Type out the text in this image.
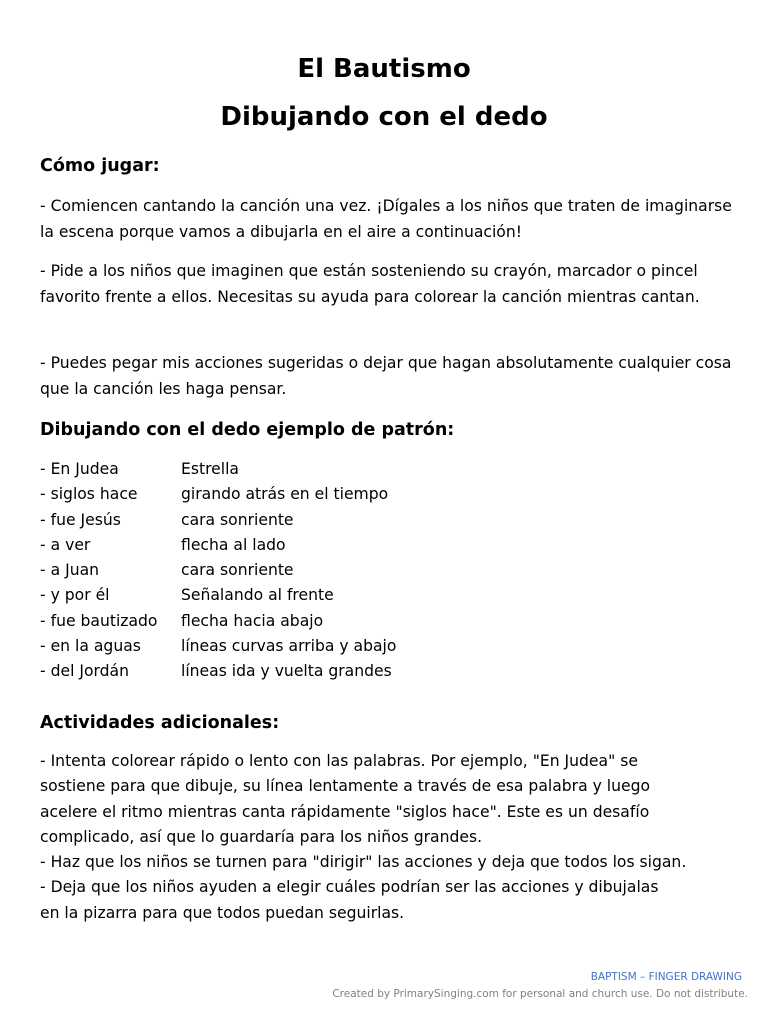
El Bautismo
Dibujando con el dedo
Cómo jugar:

- Comiencen cantando la canción una vez. ¡Dígales a los niños que traten de imaginarse la escena porque vamos a dibujarla en el aire a continuación!

- Pide a los niños que imaginen que están sosteniendo su crayón, marcador o pincel favorito frente a ellos. Necesitas su ayuda para colorear la canción mientras cantan.

- Puedes pegar mis acciones sugeridas o dejar que hagan absolutamente cualquier cosa que la canción les haga pensar.

Dibujando con el dedo ejemplo de patrón:
- En Judea	Estrella
- siglos hace	girando atrás en el tiempo
- fue Jesús	cara sonriente
- a ver	flecha al lado
- a Juan	cara sonriente
- y por él	Señalando al frente
- fue bautizado	flecha hacia abajo
- en la aguas	líneas curvas arriba y abajo
- del Jordán	líneas ida y vuelta grandes
Actividades adicionales:

- Intenta colorear rápido o lento con las palabras. Por ejemplo, "En Judea" se
sostiene para que dibuje, su línea lentamente a través de esa palabra y luego
acelere el ritmo mientras canta rápidamente "siglos hace". Este es un desafío
complicado, así que lo guardaría para los niños grandes.
- Haz que los niños se turnen para "dirigir" las acciones y deja que todos los sigan.
- Deja que los niños ayuden a elegir cuáles podrían ser las acciones y dibujalas
en la pizarra para que todos puedan seguirlas.

BAPTISM – FINGER DRAWING
Created by PrimarySinging.com for personal and church use. Do not distribute.
